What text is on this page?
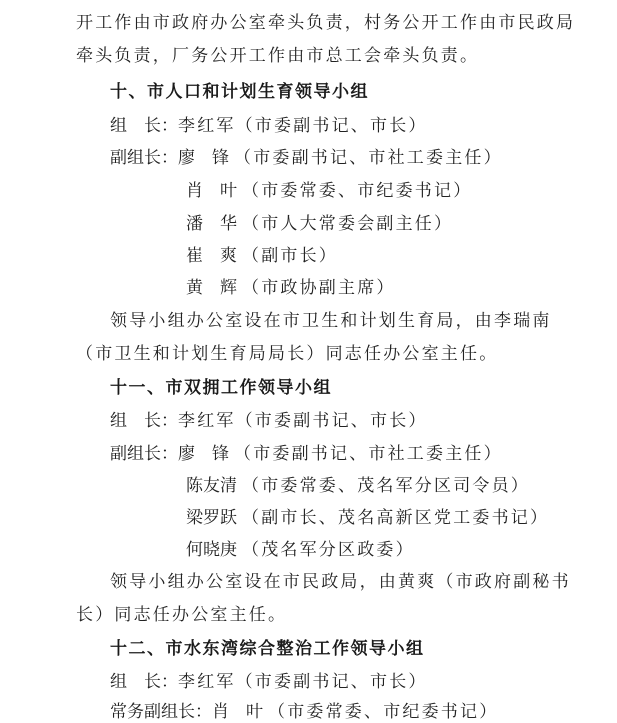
开工作由市政府办公室牵头负责，村务公开工作由市民政局
牵头负责，厂务公开工作由市总工会牵头负责。
十、市人口和计划生育领导小组
组　长：李红军（市委副书记、市长）
副组长：廖　锋 （市委副书记、市社工委主任）
肖　叶 （市委常委、市纪委书记）
潘　华 （市人大常委会副主任）
崔　爽 （副市长）
黄　辉 （市政协副主席）
领导小组办公室设在市卫生和计划生育局，由李瑞南
（市卫生和计划生育局局长）同志任办公室主任。
十一、市双拥工作领导小组
组　长：李红军（市委副书记、市长）
副组长：廖　锋 （市委副书记、市社工委主任）
陈友清 （市委常委、茂名军分区司令员）
梁罗跃 （副市长、茂名高新区党工委书记）
何晓庚 （茂名军分区政委）
领导小组办公室设在市民政局，由黄爽（市政府副秘书
长）同志任办公室主任。
十二、市水东湾综合整治工作领导小组
组　长：李红军（市委副书记、市长）
常务副组长：肖　叶 （市委常委、市纪委书记）
